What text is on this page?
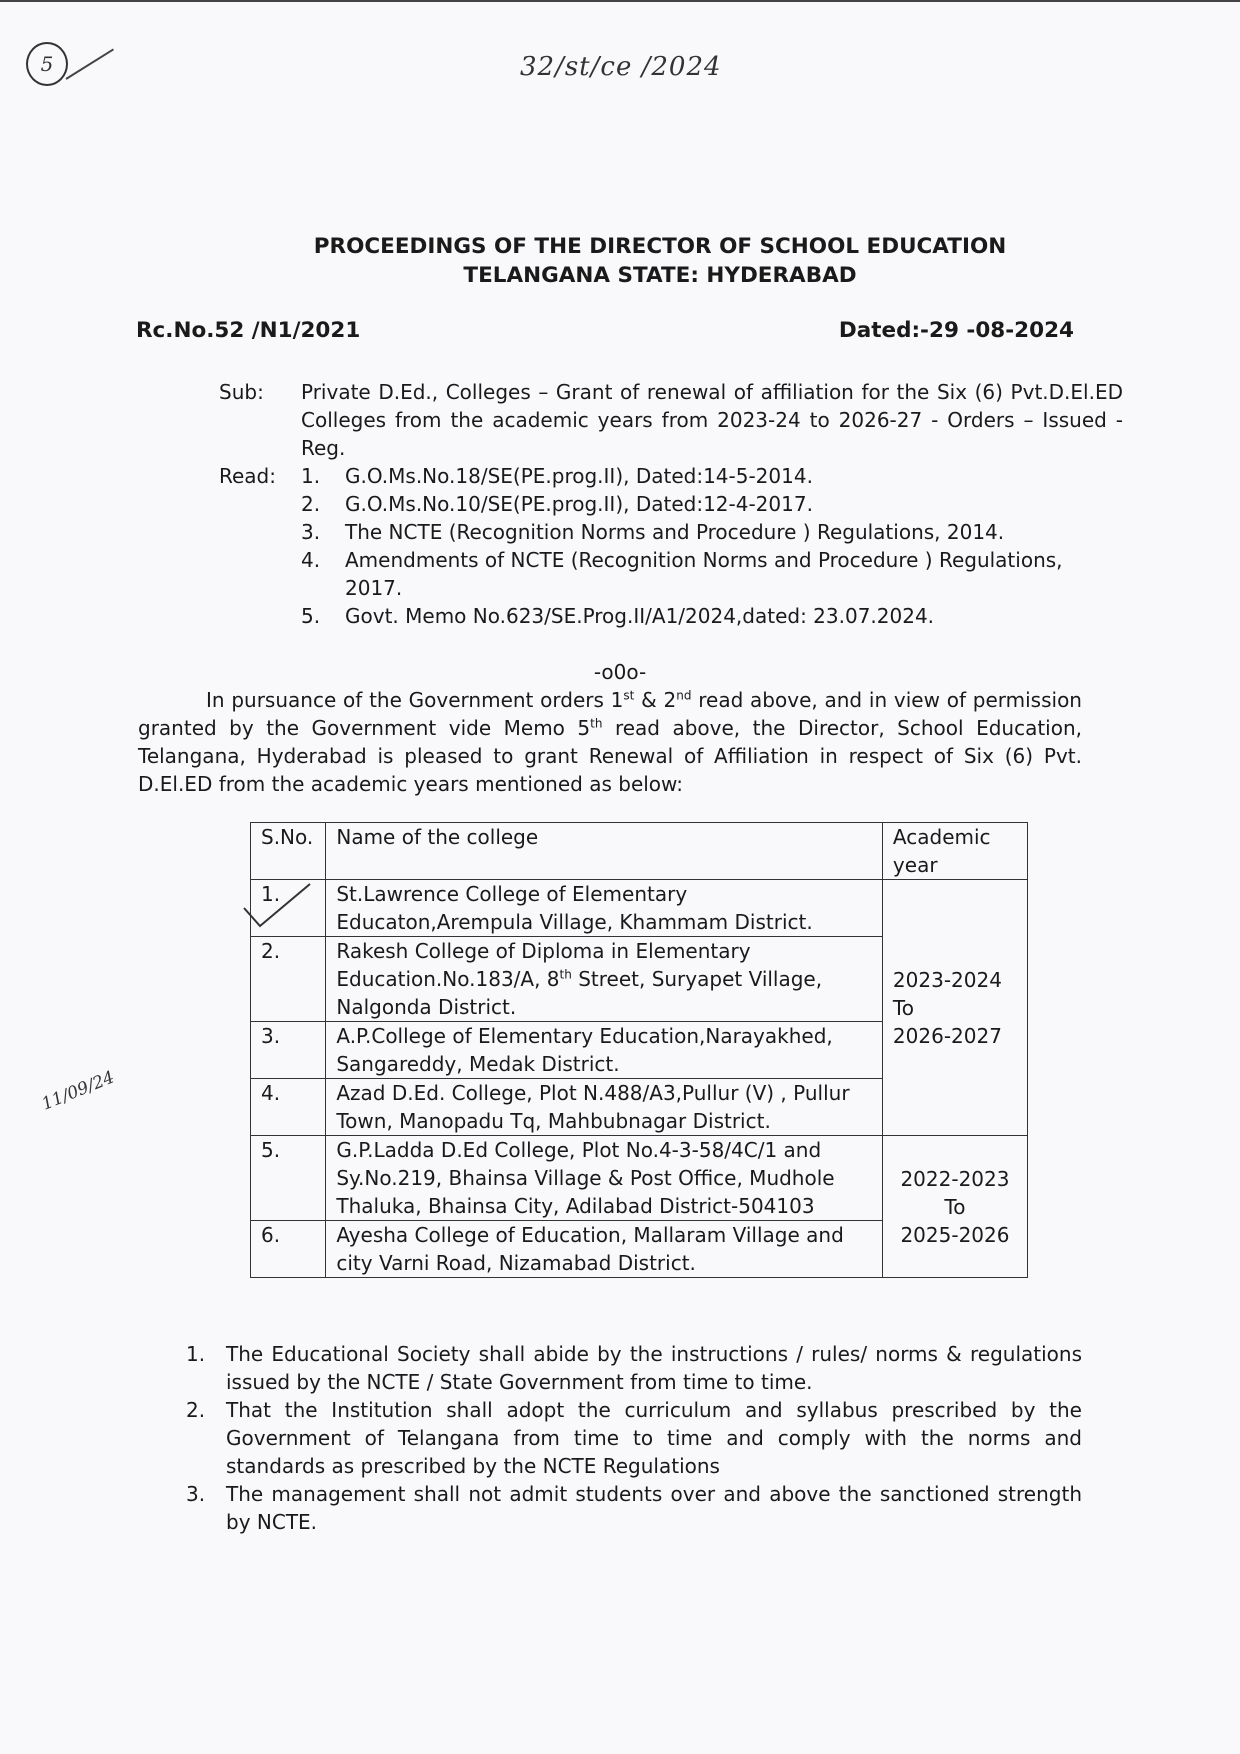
5	32/st/ce /2024
11/09/24
PROCEEDINGS OF THE DIRECTOR OF SCHOOL EDUCATION
TELANGANA STATE: HYDERABAD
Rc.No.52 /N1/2021	Dated:-29 -08-2024
Sub: Private D.Ed., Colleges – Grant of renewal of affiliation for the Six (6) Pvt.D.El.ED Colleges from the academic years from 2023-24 to 2026-27 - Orders – Issued - Reg.
Read: 1.	G.O.Ms.No.18/SE(PE.prog.II), Dated:14-5-2014.
2.	G.O.Ms.No.10/SE(PE.prog.II), Dated:12-4-2017.
3.	The NCTE (Recognition Norms and Procedure ) Regulations, 2014.
4.	Amendments of NCTE (Recognition Norms and Procedure ) Regulations, 2017.
5.	Govt. Memo No.623/SE.Prog.II/A1/2024,dated: 23.07.2024.
-o0o-
In pursuance of the Government orders 1st & 2nd read above, and in view of permission granted by the Government vide Memo 5th read above, the Director, School Education, Telangana, Hyderabad is pleased to grant Renewal of Affiliation in respect of Six (6) Pvt. D.El.ED from the academic years mentioned as below:
S.No.	Name of the college	Academic year
1.	St.Lawrence College of Elementary Educaton,Arempula Village, Khammam District.	2023-2024
To
2026-2027

2.	Rakesh College of Diploma in Elementary Education.No.183/A, 8th Street, Suryapet Village, Nalgonda District.	
3.	A.P.College of Elementary Education,Narayakhed, Sangareddy, Medak District.	
4.	Azad D.Ed. College, Plot N.488/A3,Pullur (V) , Pullur Town, Manopadu Tq, Mahbubnagar District.	
5.	G.P.Ladda D.Ed College, Plot No.4-3-58/4C/1 and Sy.No.219, Bhainsa Village & Post Office, Mudhole Thaluka, Bhainsa City, Adilabad District-504103	2022-2023
To
2025-2026

6.	Ayesha College of Education, Mallaram Village and city Varni Road, Nizamabad District.	
1.	The Educational Society shall abide by the instructions / rules/ norms & regulations issued by the NCTE / State Government from time to time.
2.	That the Institution shall adopt the curriculum and syllabus prescribed by the Government of Telangana from time to time and comply with the norms and standards as prescribed by the NCTE Regulations
3.	The management shall not admit students over and above the sanctioned strength by NCTE.
